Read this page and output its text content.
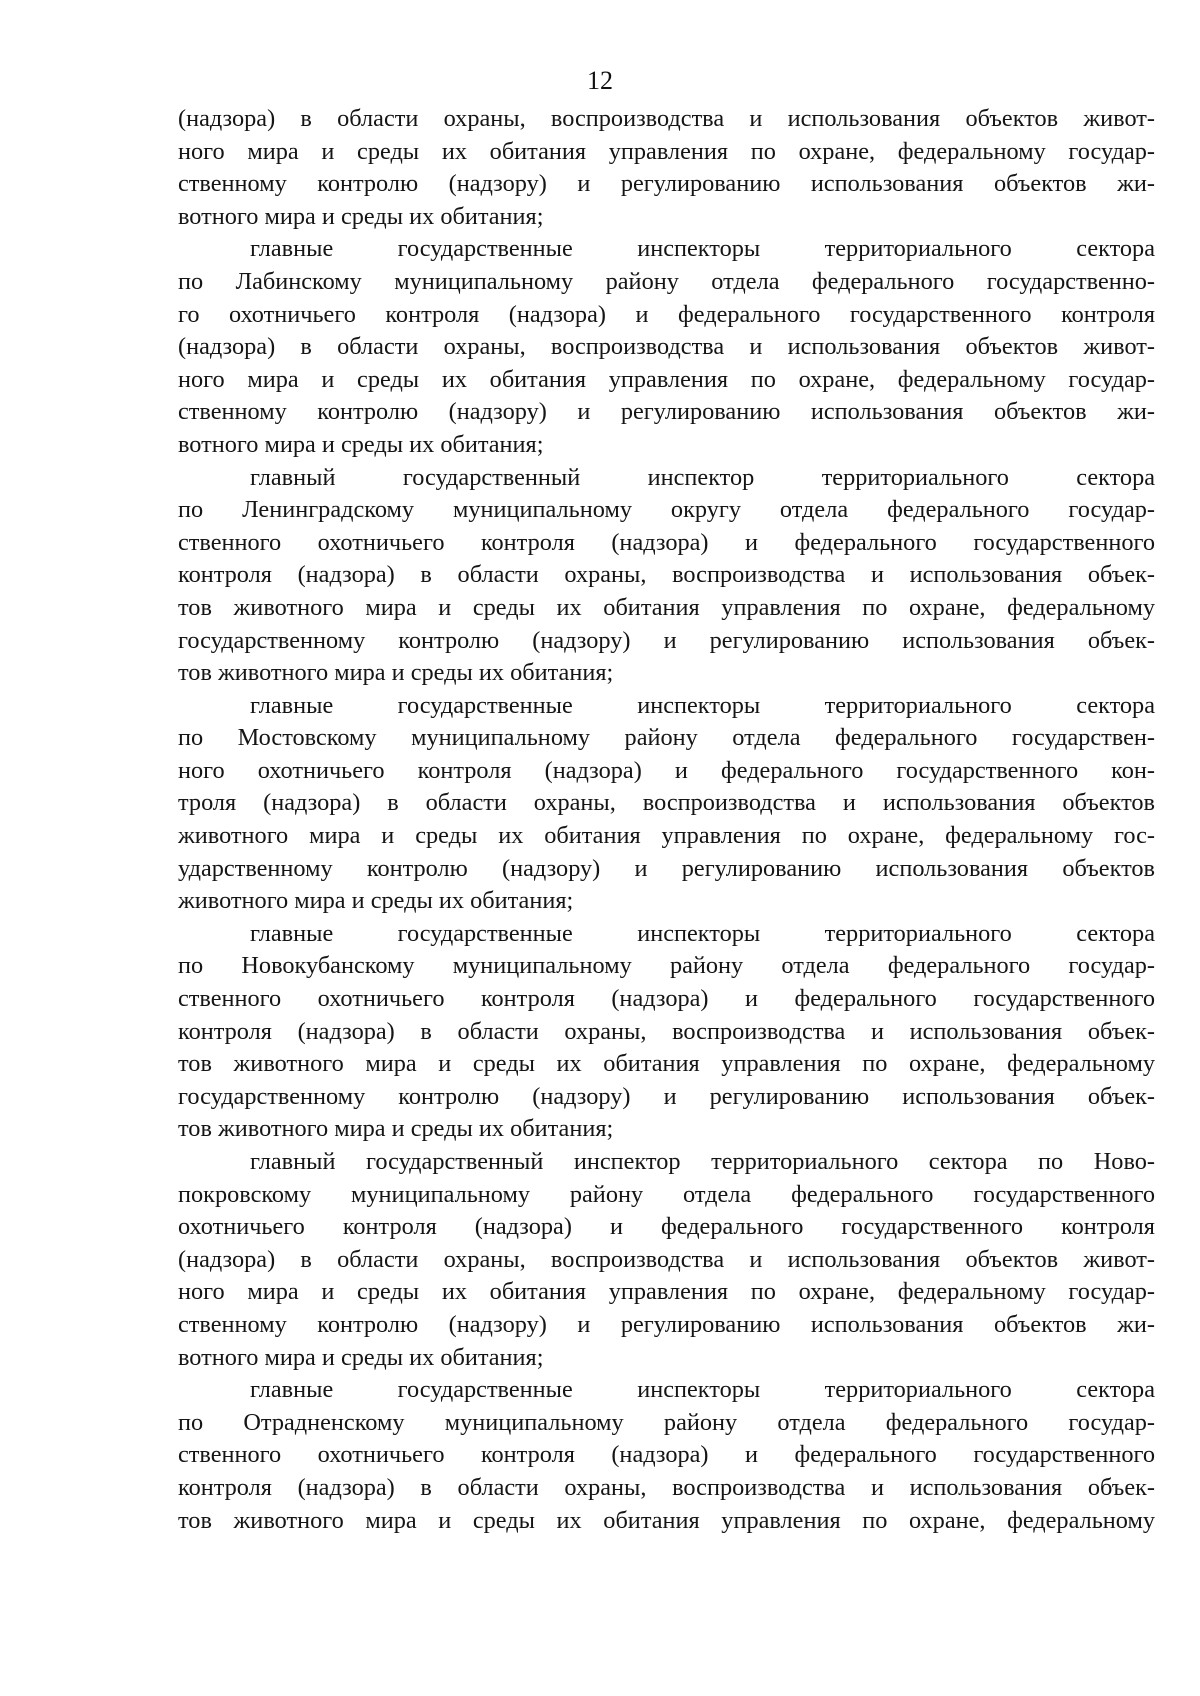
12
(надзора) в области охраны, воспроизводства и использования объектов живот-
ного мира и среды их обитания управления по охране, федеральному государ-
ственному контролю (надзору) и регулированию использования объектов жи-
вотного мира и среды их обитания;
главные государственные инспекторы территориального сектора
по Лабинскому муниципальному району отдела федерального государственно-
го охотничьего контроля (надзора) и федерального государственного контроля
(надзора) в области охраны, воспроизводства и использования объектов живот-
ного мира и среды их обитания управления по охране, федеральному государ-
ственному контролю (надзору) и регулированию использования объектов жи-
вотного мира и среды их обитания;
главный государственный инспектор территориального сектора
по Ленинградскому муниципальному округу отдела федерального государ-
ственного охотничьего контроля (надзора) и федерального государственного
контроля (надзора) в области охраны, воспроизводства и использования объек-
тов животного мира и среды их обитания управления по охране, федеральному
государственному контролю (надзору) и регулированию использования объек-
тов животного мира и среды их обитания;
главные государственные инспекторы территориального сектора
по Мостовскому муниципальному району отдела федерального государствен-
ного охотничьего контроля (надзора) и федерального государственного кон-
троля (надзора) в области охраны, воспроизводства и использования объектов
животного мира и среды их обитания управления по охране, федеральному гос-
ударственному контролю (надзору) и регулированию использования объектов
животного мира и среды их обитания;
главные государственные инспекторы территориального сектора
по Новокубанскому муниципальному району отдела федерального государ-
ственного охотничьего контроля (надзора) и федерального государственного
контроля (надзора) в области охраны, воспроизводства и использования объек-
тов животного мира и среды их обитания управления по охране, федеральному
государственному контролю (надзору) и регулированию использования объек-
тов животного мира и среды их обитания;
главный государственный инспектор территориального сектора по Ново-
покровскому муниципальному району отдела федерального государственного
охотничьего контроля (надзора) и федерального государственного контроля
(надзора) в области охраны, воспроизводства и использования объектов живот-
ного мира и среды их обитания управления по охране, федеральному государ-
ственному контролю (надзору) и регулированию использования объектов жи-
вотного мира и среды их обитания;
главные государственные инспекторы территориального сектора
по Отрадненскому муниципальному району отдела федерального государ-
ственного охотничьего контроля (надзора) и федерального государственного
контроля (надзора) в области охраны, воспроизводства и использования объек-
тов животного мира и среды их обитания управления по охране, федеральному
